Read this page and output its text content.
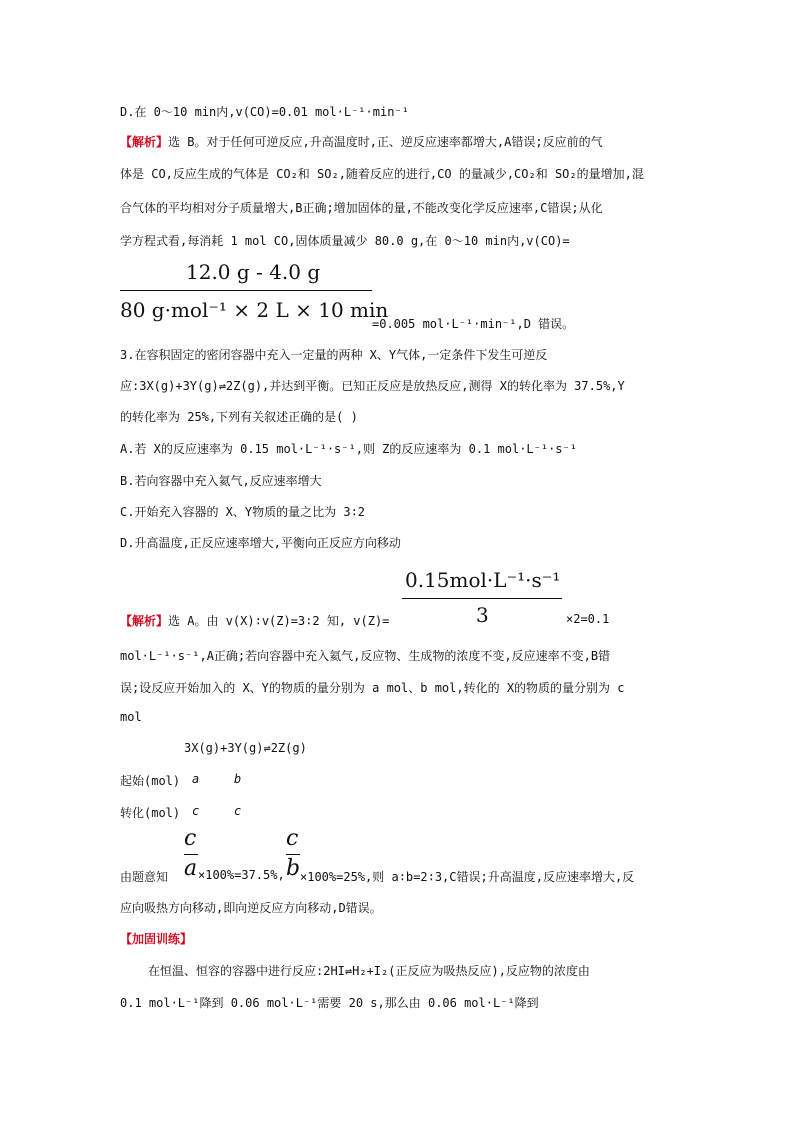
D.在 0～10 min内,v(CO)=0.01 mol·L⁻¹·min⁻¹
【解析】选 B。对于任何可逆反应,升高温度时,正、逆反应速率都增大,A错误;反应前的气
体是 CO,反应生成的气体是 CO₂和 SO₂,随着反应的进行,CO 的量减少,CO₂和 SO₂的量增加,混
合气体的平均相对分子质量增大,B正确;增加固体的量,不能改变化学反应速率,C错误;从化
学方程式看,每消耗 1 mol CO,固体质量减少 80.0 g,在 0～10 min内,v(CO)=
12.0 g - 4.0 g
80 g·mol⁻¹ × 2 L × 10 min
=0.005 mol·L⁻¹·min⁻¹,D 错误。
3.在容积固定的密闭容器中充入一定量的两种 X、Y气体,一定条件下发生可逆反
应:3X(g)+3Y(g)⇌2Z(g),并达到平衡。已知正反应是放热反应,测得 X的转化率为 37.5%,Y
的转化率为 25%,下列有关叙述正确的是( )
A.若 X的反应速率为 0.15 mol·L⁻¹·s⁻¹,则 Z的反应速率为 0.1 mol·L⁻¹·s⁻¹
B.若向容器中充入氦气,反应速率增大
C.开始充入容器的 X、Y物质的量之比为 3∶2
D.升高温度,正反应速率增大,平衡向正反应方向移动
0.15mol·L⁻¹·s⁻¹
3
【解析】选 A。由 v(X)∶v(Z)=3∶2 知, v(Z)=	×2=0.1
mol·L⁻¹·s⁻¹,A正确;若向容器中充入氦气,反应物、生成物的浓度不变,反应速率不变,B错
误;设反应开始加入的 X、Y的物质的量分别为 a mol、b mol,转化的 X的物质的量分别为 c
mol
3X(g)+3Y(g)⇌2Z(g)
起始(mol) a	b
转化(mol) c	c
c
a
c
b
由题意知 ×100%=37.5%, ×100%=25%,则 a∶b=2∶3,C错误;升高温度,反应速率增大,反
应向吸热方向移动,即向逆反应方向移动,D错误。
【加固训练】
在恒温、恒容的容器中进行反应:2HI⇌H₂+I₂(正反应为吸热反应),反应物的浓度由
0.1 mol·L⁻¹降到 0.06 mol·L⁻¹需要 20 s,那么由 0.06 mol·L⁻¹降到
